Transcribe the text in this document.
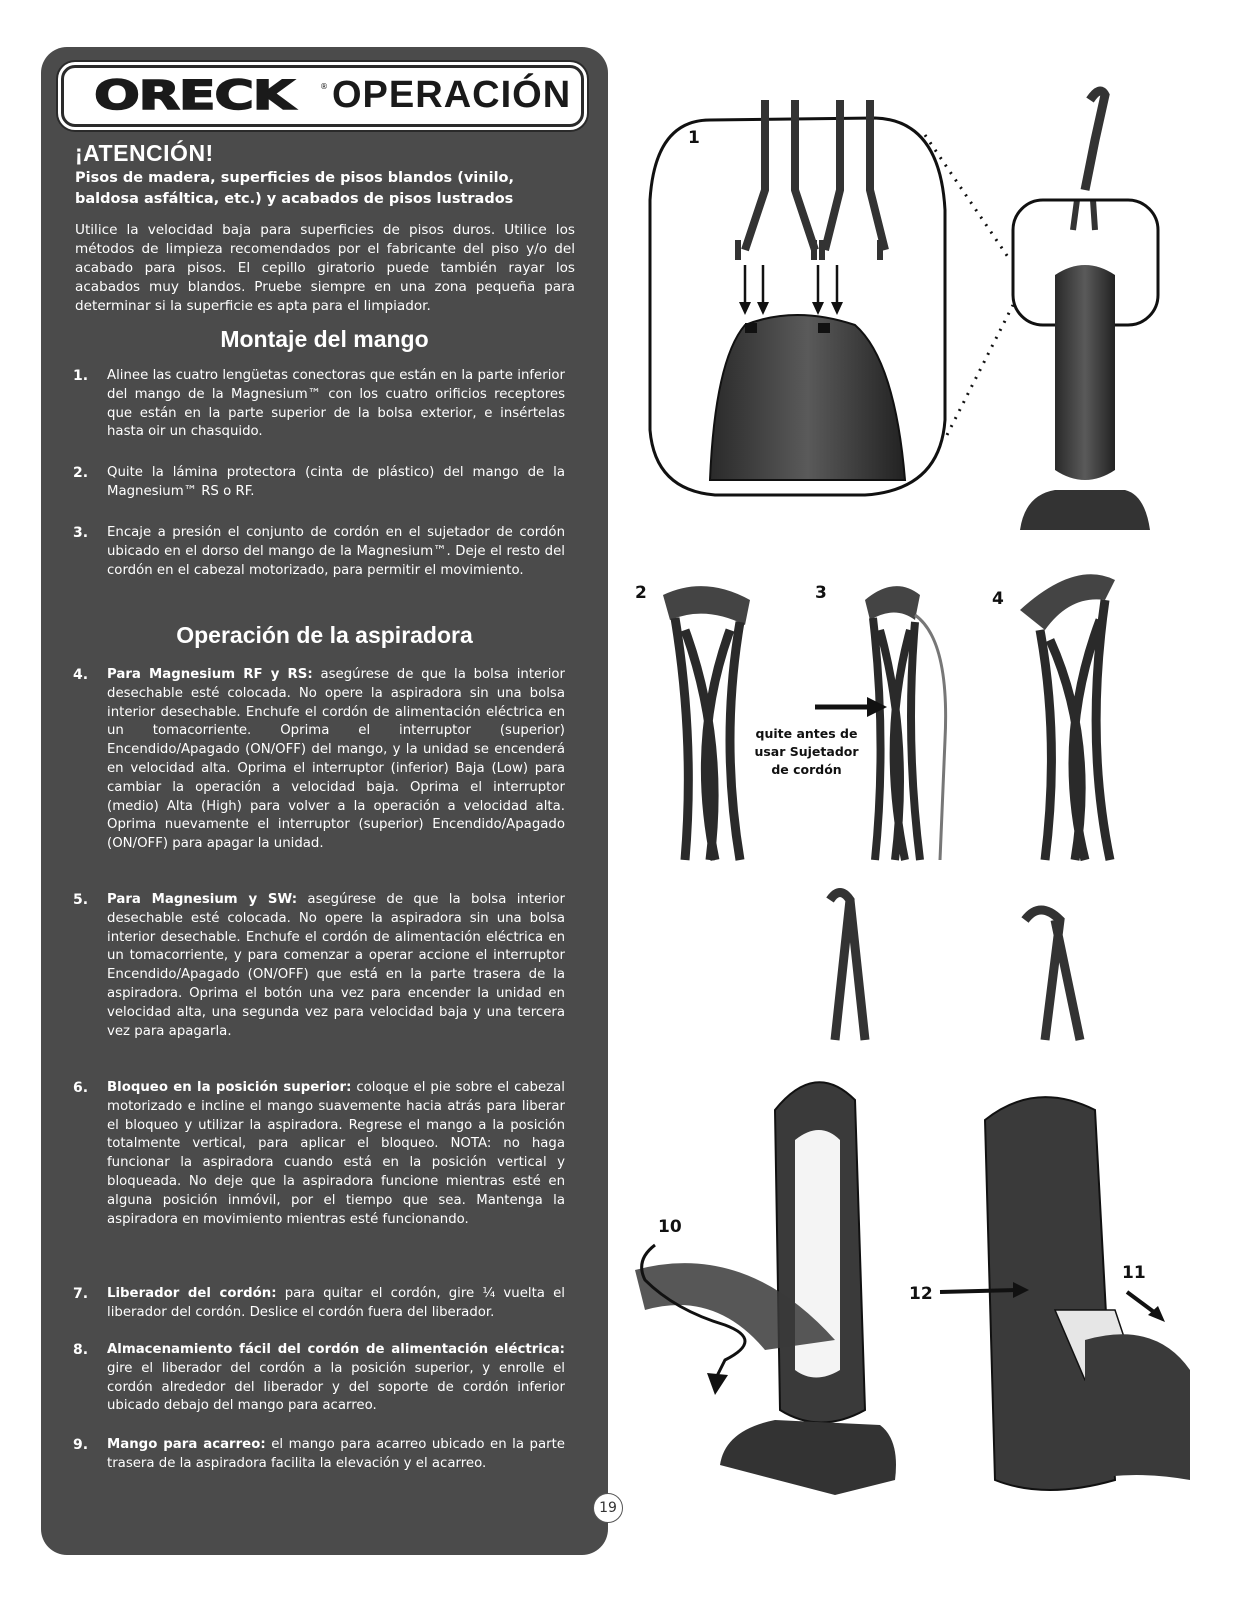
ORECK	® OPERACIÓN
¡ATENCIÓN!
Pisos de madera, superficies de pisos blandos (vinilo, baldosa asfáltica, etc.) y acabados de pisos lustrados
Utilice la velocidad baja para superficies de pisos duros. Utilice los métodos de limpieza recomendados por el fabricante del piso y/o del acabado para pisos. El cepillo giratorio puede también rayar los acabados muy blandos. Pruebe siempre en una zona pequeña para determinar si la superficie es apta para el limpiador.
Montaje del mango
1.	Alinee las cuatro lengüetas conectoras que están en la parte inferior del mango de la Magnesium™ con los cuatro orificios receptores que están en la parte superior de la bolsa exterior, e insértelas hasta oir un chasquido.
2.	Quite la lámina protectora (cinta de plástico) del mango de la Magnesium™ RS o RF.
3.	Encaje a presión el conjunto de cordón en el sujetador de cordón ubicado en el dorso del mango de la Magnesium™. Deje el resto del cordón en el cabezal motorizado, para permitir el movimiento.
Operación de la aspiradora
4.	Para Magnesium RF y RS: asegúrese de que la bolsa interior desechable esté colocada. No opere la aspiradora sin una bolsa interior desechable. Enchufe el cordón de alimentación eléctrica en un tomacorriente. Oprima el interruptor (superior) Encendido/Apagado (ON/OFF) del mango, y la unidad se encenderá en velocidad alta. Oprima el interruptor (inferior) Baja (Low) para cambiar la operación a velocidad baja. Oprima el interruptor (medio) Alta (High) para volver a la operación a velocidad alta. Oprima nuevamente el interruptor (superior) Encendido/Apagado (ON/OFF) para apagar la unidad.
5.	Para Magnesium y SW: asegúrese de que la bolsa interior desechable esté colocada. No opere la aspiradora sin una bolsa interior desechable. Enchufe el cordón de alimentación eléctrica en un tomacorriente, y para comenzar a operar accione el interruptor Encendido/Apagado (ON/OFF) que está en la parte trasera de la aspiradora. Oprima el botón una vez para encender la unidad en velocidad alta, una segunda vez para velocidad baja y una tercera vez para apagarla.
6.	Bloqueo en la posición superior: coloque el pie sobre el cabezal motorizado e incline el mango suavemente hacia atrás para liberar el bloqueo y utilizar la aspiradora. Regrese el mango a la posición totalmente vertical, para aplicar el bloqueo. NOTA: no haga funcionar la aspiradora cuando está en la posición vertical y bloqueada. No deje que la aspiradora funcione mientras esté en alguna posición inmóvil, por el tiempo que sea. Mantenga la aspiradora en movimiento mientras esté funcionando.
7.	Liberador del cordón: para quitar el cordón, gire ¼ vuelta el liberador del cordón. Deslice el cordón fuera del liberador.
8.	Almacenamiento fácil del cordón de alimentación eléctrica: gire el liberador del cordón a la posición superior, y enrolle el cordón alrededor del liberador y del soporte de cordón inferior ubicado debajo del mango para acarreo.
9.	Mango para acarreo: el mango para acarreo ubicado en la parte trasera de la aspiradora facilita la elevación y el acarreo.
19
1
2	3	4
10
11
12
quite antes de usar Sujetador de cordón
